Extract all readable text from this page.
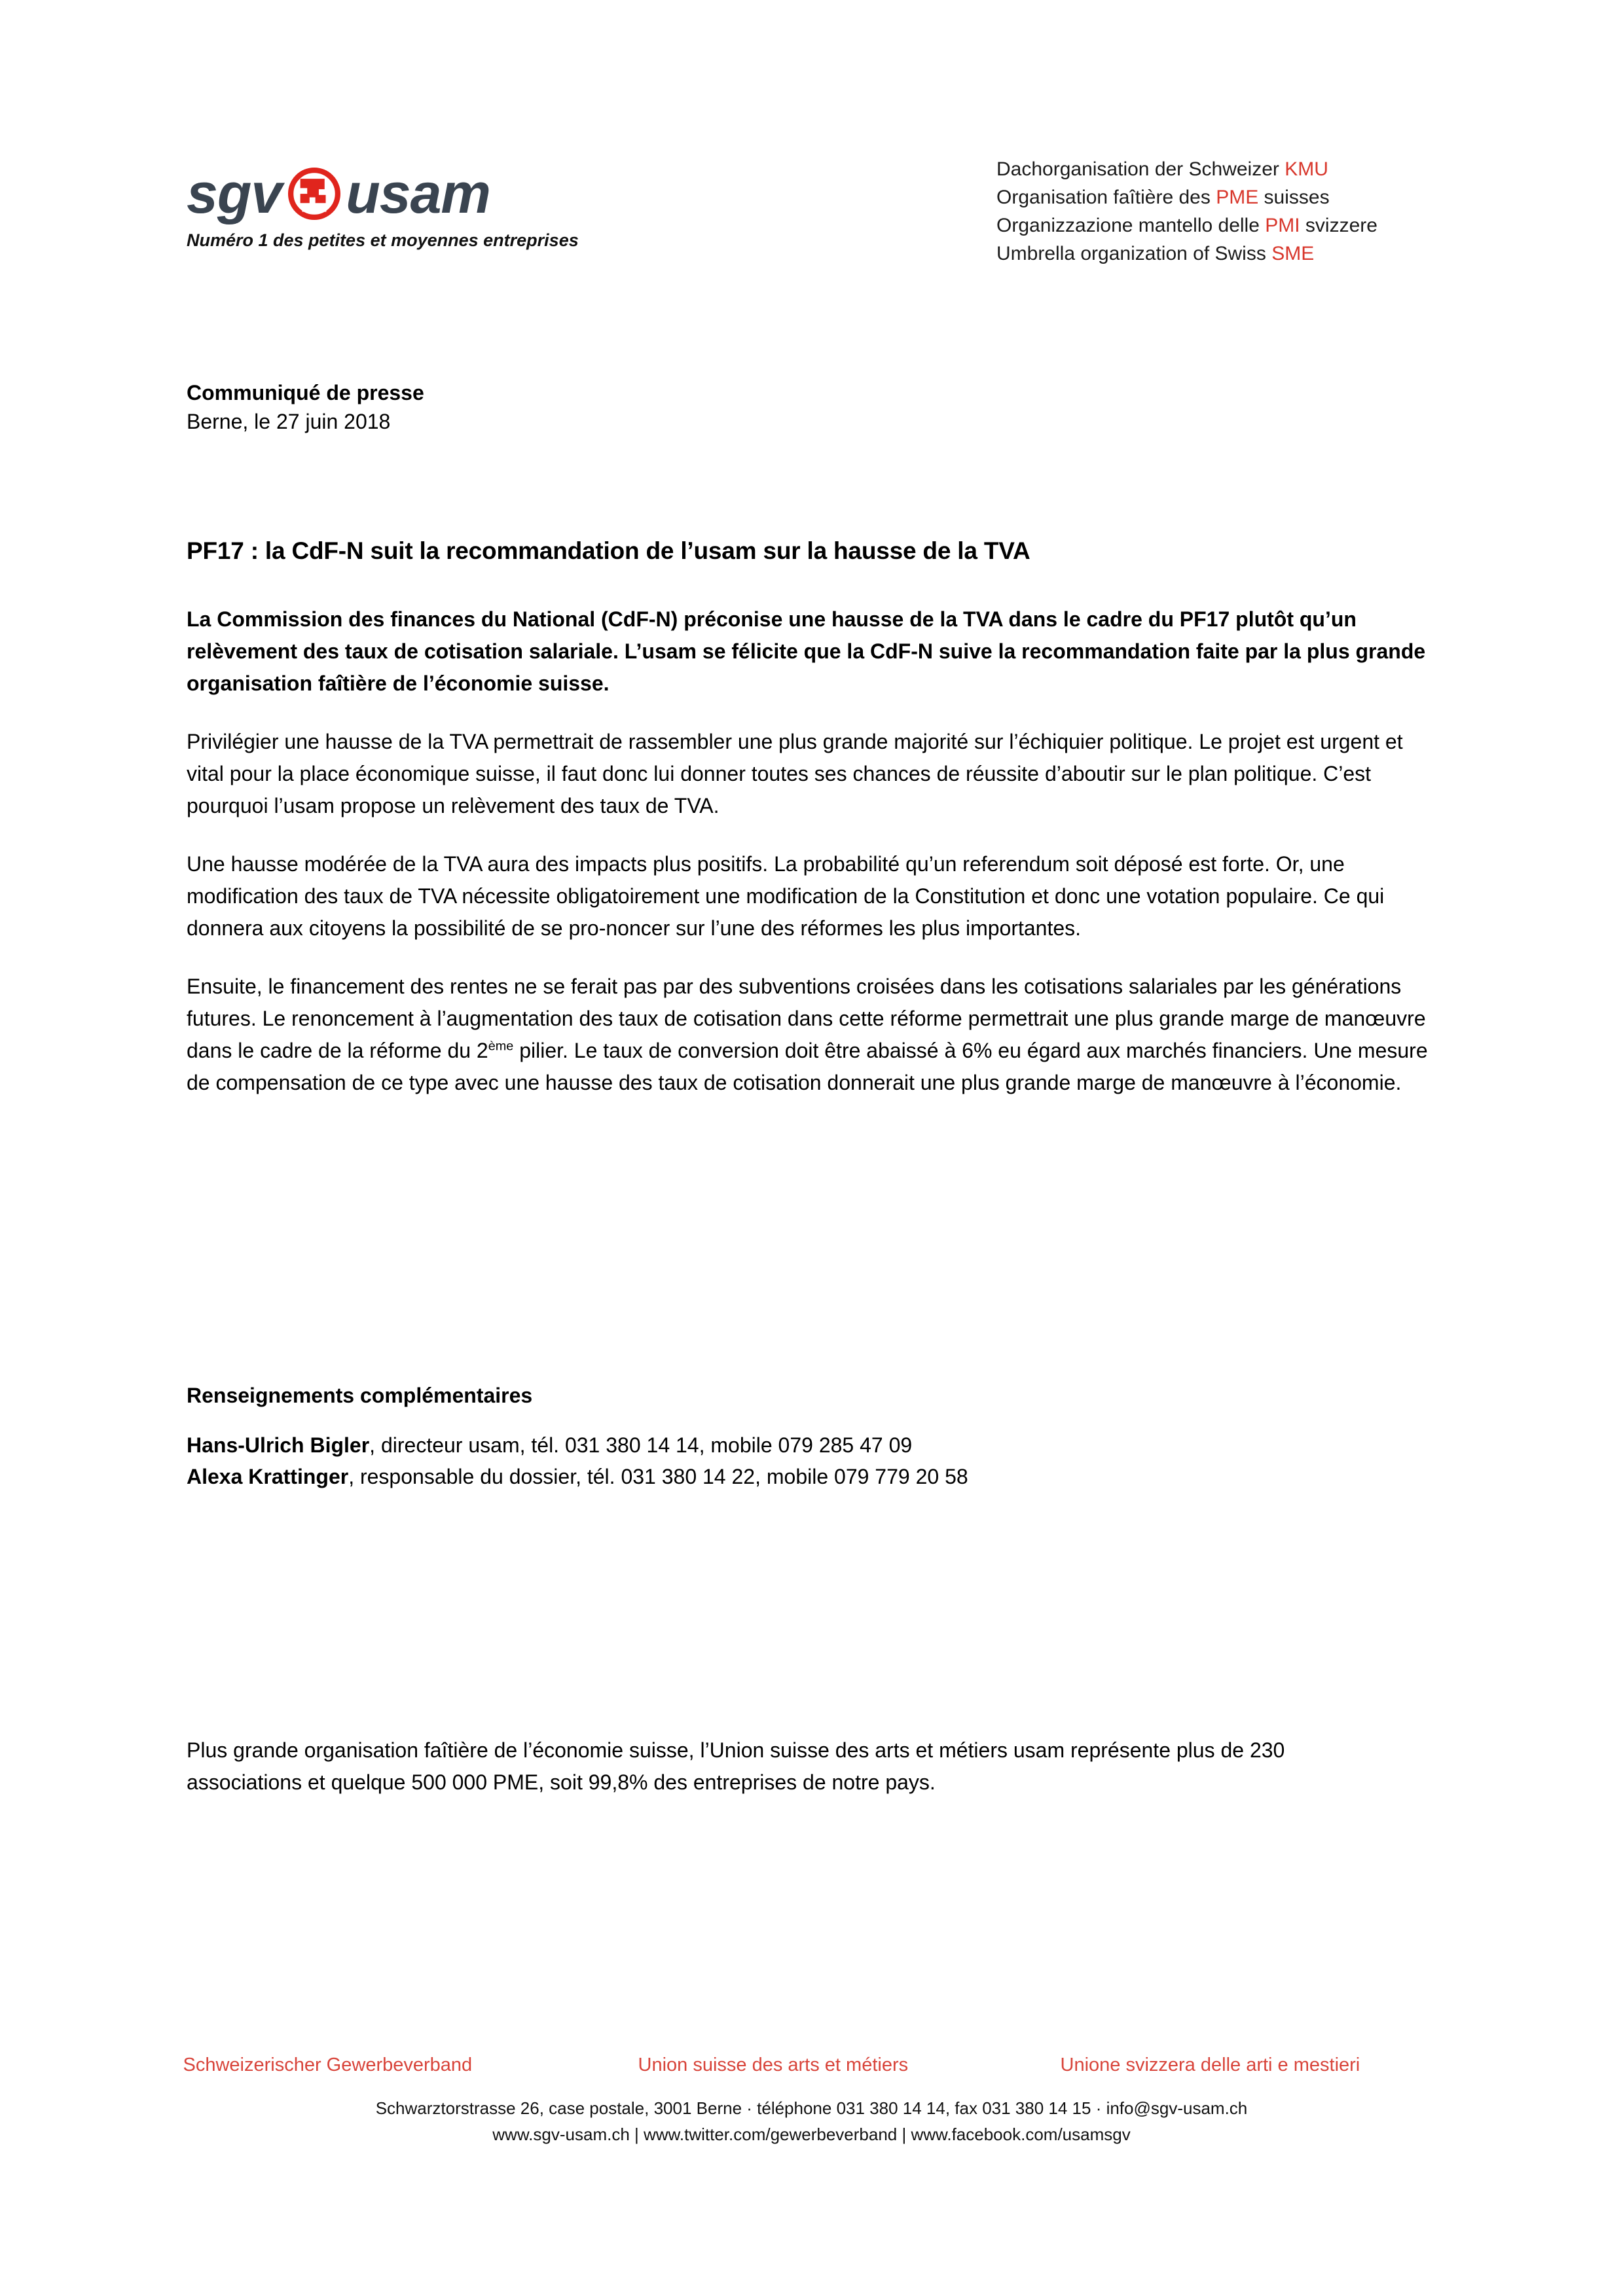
sgv usam
Numéro 1 des petites et moyennes entreprises
Dachorganisation der Schweizer KMU
Organisation faîtière des PME suisses
Organizzazione mantello delle PMI svizzere
Umbrella organization of Swiss SME
Communiqué de presse
Berne, le 27 juin 2018
PF17 : la CdF-N suit la recommandation de l’usam sur la hausse de la TVA

La Commission des finances du National (CdF-N) préconise une hausse de la TVA dans le cadre du PF17 plutôt qu’un relèvement des taux de cotisation salariale. L’usam se félicite que la CdF-N suive la recommandation faite par la plus grande organisation faîtière de l’économie suisse.

Privilégier une hausse de la TVA permettrait de rassembler une plus grande majorité sur l’échiquier politique. Le projet est urgent et vital pour la place économique suisse, il faut donc lui donner toutes ses chances de réussite d’aboutir sur le plan politique. C’est pourquoi l’usam propose un relèvement des taux de TVA.

Une hausse modérée de la TVA aura des impacts plus positifs. La probabilité qu’un referendum soit déposé est forte. Or, une modification des taux de TVA nécessite obligatoirement une modification de la Constitution et donc une votation populaire. Ce qui donnera aux citoyens la possibilité de se pro-noncer sur l’une des réformes les plus importantes.

Ensuite, le financement des rentes ne se ferait pas par des subventions croisées dans les cotisations salariales par les générations futures. Le renoncement à l’augmentation des taux de cotisation dans cette réforme permettrait une plus grande marge de manœuvre dans le cadre de la réforme du 2ème pilier. Le taux de conversion doit être abaissé à 6% eu égard aux marchés financiers. Une mesure de compensation de ce type avec une hausse des taux de cotisation donnerait une plus grande marge de manœuvre à l’économie.

Renseignements complémentaires
Hans-Ulrich Bigler, directeur usam, tél. 031 380 14 14, mobile 079 285 47 09
Alexa Krattinger, responsable du dossier, tél. 031 380 14 22, mobile 079 779 20 58
Plus grande organisation faîtière de l’économie suisse, l’Union suisse des arts et métiers usam représente plus de 230 associations et quelque 500 000 PME, soit 99,8% des entreprises de notre pays.
Schweizerischer Gewerbeverband	Union suisse des arts et métiers	Unione svizzera delle arti e mestieri
Schwarztorstrasse 26, case postale, 3001 Berne · téléphone 031 380 14 14, fax 031 380 14 15 · info@sgv-usam.ch
www.sgv-usam.ch | www.twitter.com/gewerbeverband | www.facebook.com/usamsgv
